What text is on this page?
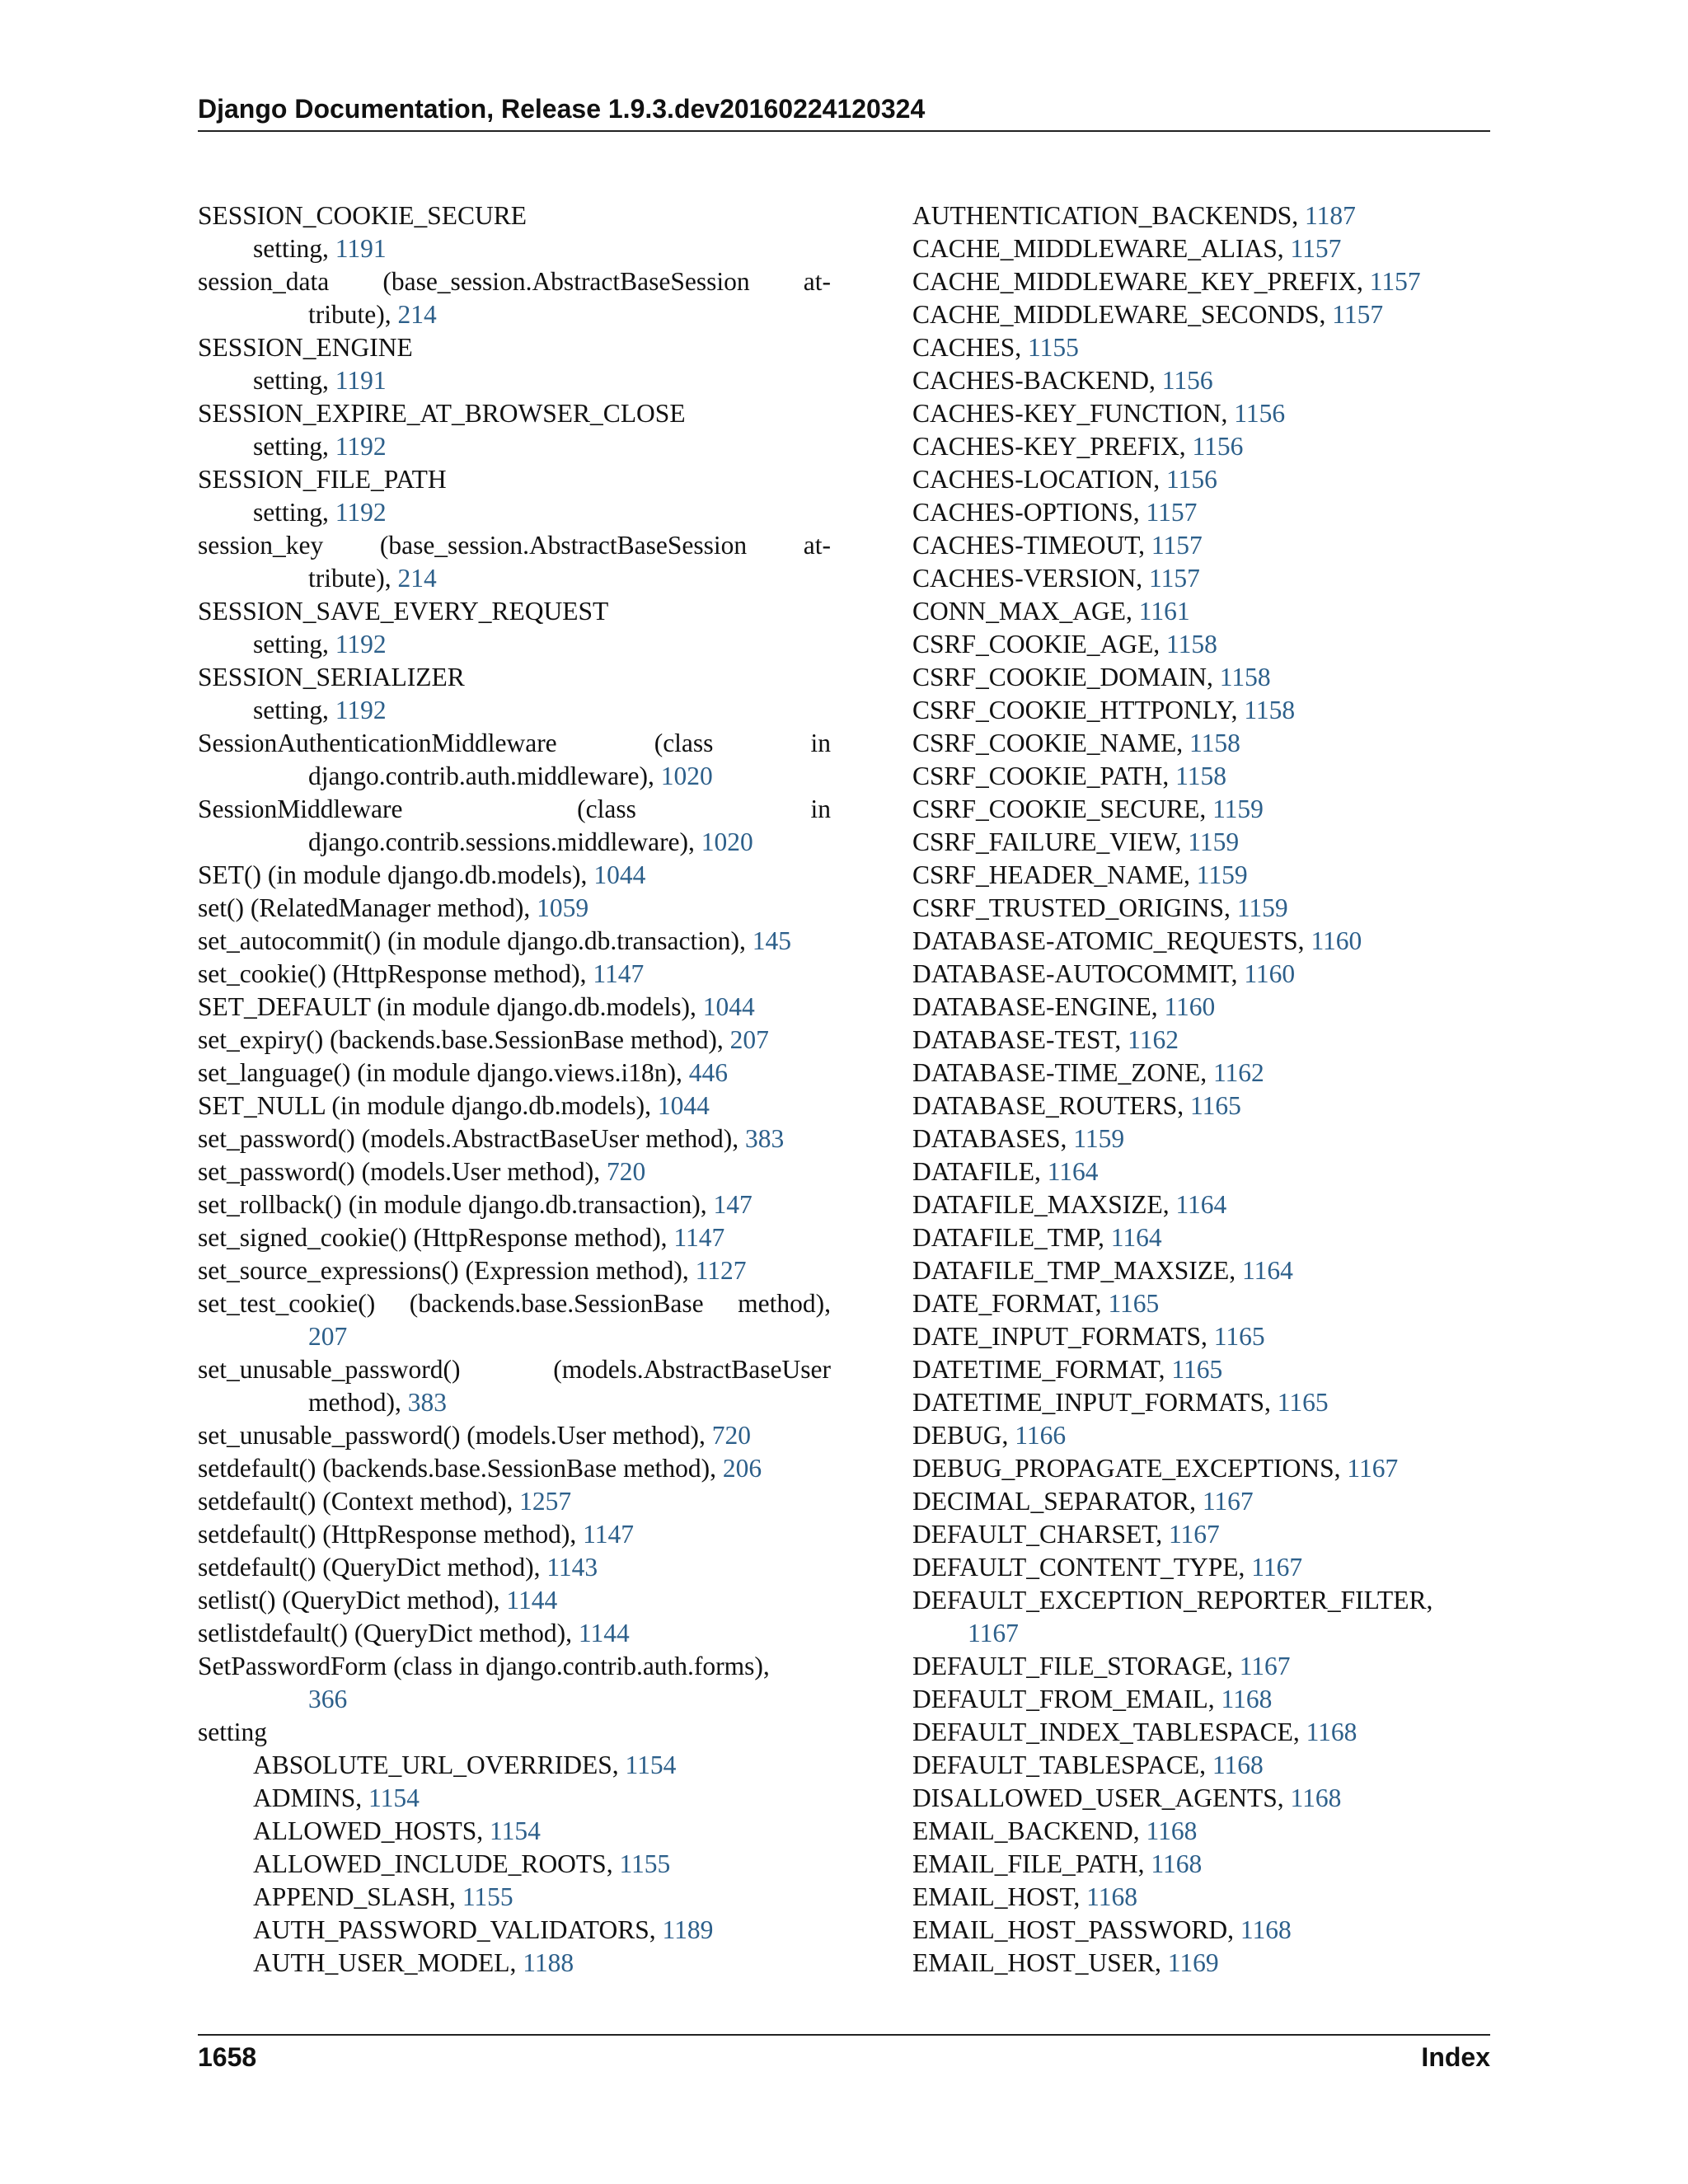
Django Documentation, Release 1.9.3.dev20160224120324
SESSION_COOKIE_SECURE
setting, 1191
session_data (base_session.AbstractBaseSession at-
tribute), 214
SESSION_ENGINE
setting, 1191
SESSION_EXPIRE_AT_BROWSER_CLOSE
setting, 1192
SESSION_FILE_PATH
setting, 1192
session_key (base_session.AbstractBaseSession at-
tribute), 214
SESSION_SAVE_EVERY_REQUEST
setting, 1192
SESSION_SERIALIZER
setting, 1192
SessionAuthenticationMiddleware	(class	in
django.contrib.auth.middleware), 1020
SessionMiddleware	(class	in
django.contrib.sessions.middleware), 1020
SET() (in module django.db.models), 1044
set() (RelatedManager method), 1059
set_autocommit() (in module django.db.transaction), 145
set_cookie() (HttpResponse method), 1147
SET_DEFAULT (in module django.db.models), 1044
set_expiry() (backends.base.SessionBase method), 207
set_language() (in module django.views.i18n), 446
SET_NULL (in module django.db.models), 1044
set_password() (models.AbstractBaseUser method), 383
set_password() (models.User method), 720
set_rollback() (in module django.db.transaction), 147
set_signed_cookie() (HttpResponse method), 1147
set_source_expressions() (Expression method), 1127
set_test_cookie() (backends.base.SessionBase method),
207
set_unusable_password()	(models.AbstractBaseUser
method), 383
set_unusable_password() (models.User method), 720
setdefault() (backends.base.SessionBase method), 206
setdefault() (Context method), 1257
setdefault() (HttpResponse method), 1147
setdefault() (QueryDict method), 1143
setlist() (QueryDict method), 1144
setlistdefault() (QueryDict method), 1144
SetPasswordForm (class in django.contrib.auth.forms),
366
setting
ABSOLUTE_URL_OVERRIDES, 1154
ADMINS, 1154
ALLOWED_HOSTS, 1154
ALLOWED_INCLUDE_ROOTS, 1155
APPEND_SLASH, 1155
AUTH_PASSWORD_VALIDATORS, 1189
AUTH_USER_MODEL, 1188
AUTHENTICATION_BACKENDS, 1187
CACHE_MIDDLEWARE_ALIAS, 1157
CACHE_MIDDLEWARE_KEY_PREFIX, 1157
CACHE_MIDDLEWARE_SECONDS, 1157
CACHES, 1155
CACHES-BACKEND, 1156
CACHES-KEY_FUNCTION, 1156
CACHES-KEY_PREFIX, 1156
CACHES-LOCATION, 1156
CACHES-OPTIONS, 1157
CACHES-TIMEOUT, 1157
CACHES-VERSION, 1157
CONN_MAX_AGE, 1161
CSRF_COOKIE_AGE, 1158
CSRF_COOKIE_DOMAIN, 1158
CSRF_COOKIE_HTTPONLY, 1158
CSRF_COOKIE_NAME, 1158
CSRF_COOKIE_PATH, 1158
CSRF_COOKIE_SECURE, 1159
CSRF_FAILURE_VIEW, 1159
CSRF_HEADER_NAME, 1159
CSRF_TRUSTED_ORIGINS, 1159
DATABASE-ATOMIC_REQUESTS, 1160
DATABASE-AUTOCOMMIT, 1160
DATABASE-ENGINE, 1160
DATABASE-TEST, 1162
DATABASE-TIME_ZONE, 1162
DATABASE_ROUTERS, 1165
DATABASES, 1159
DATAFILE, 1164
DATAFILE_MAXSIZE, 1164
DATAFILE_TMP, 1164
DATAFILE_TMP_MAXSIZE, 1164
DATE_FORMAT, 1165
DATE_INPUT_FORMATS, 1165
DATETIME_FORMAT, 1165
DATETIME_INPUT_FORMATS, 1165
DEBUG, 1166
DEBUG_PROPAGATE_EXCEPTIONS, 1167
DECIMAL_SEPARATOR, 1167
DEFAULT_CHARSET, 1167
DEFAULT_CONTENT_TYPE, 1167
DEFAULT_EXCEPTION_REPORTER_FILTER,
1167
DEFAULT_FILE_STORAGE, 1167
DEFAULT_FROM_EMAIL, 1168
DEFAULT_INDEX_TABLESPACE, 1168
DEFAULT_TABLESPACE, 1168
DISALLOWED_USER_AGENTS, 1168
EMAIL_BACKEND, 1168
EMAIL_FILE_PATH, 1168
EMAIL_HOST, 1168
EMAIL_HOST_PASSWORD, 1168
EMAIL_HOST_USER, 1169
1658	Index
